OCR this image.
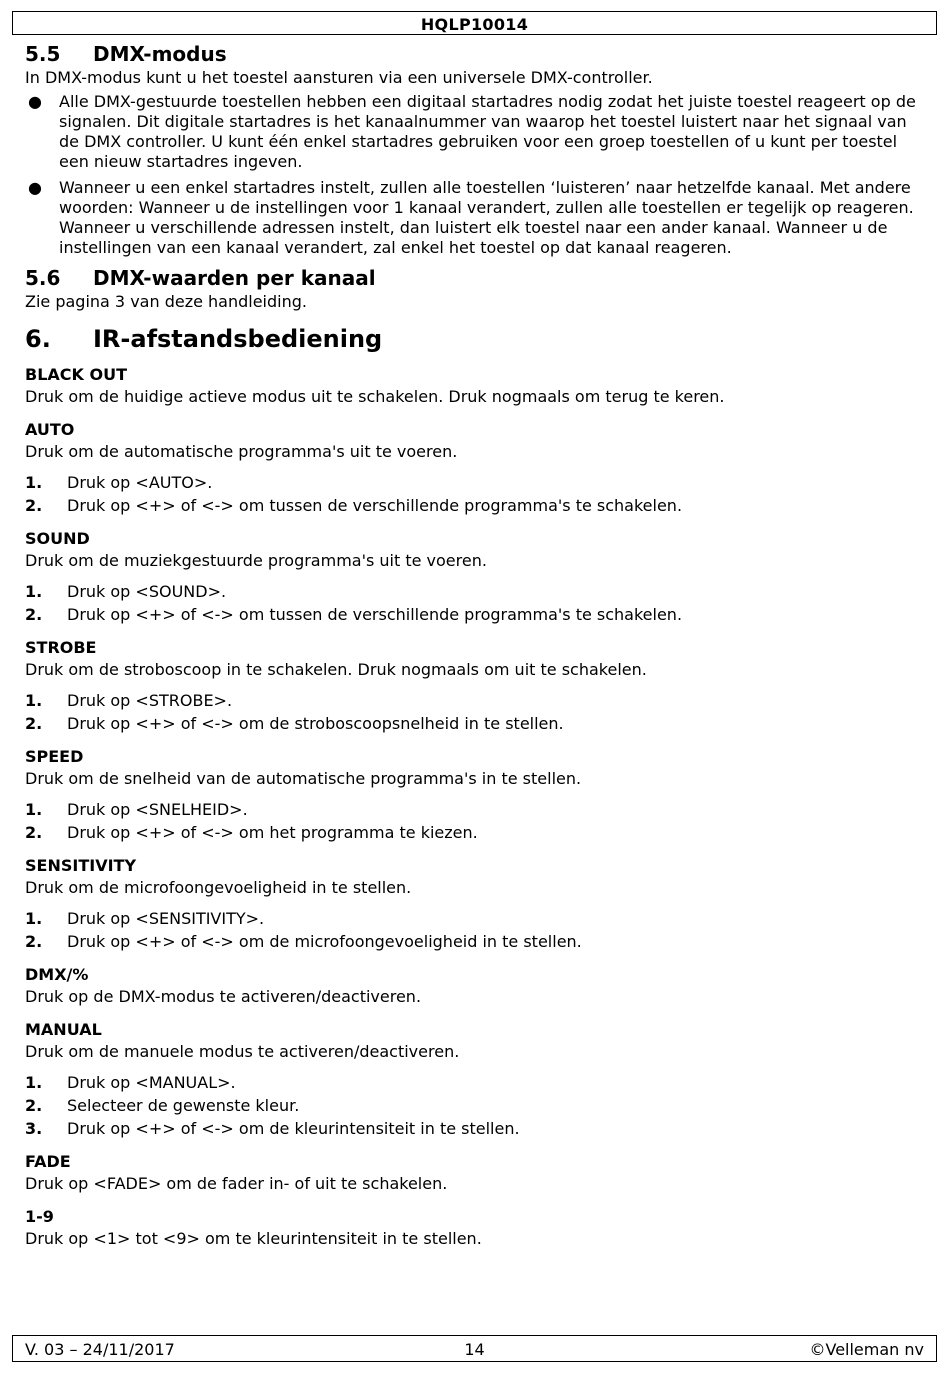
HQLP10014
5.5	DMX-modus

In DMX-modus kunt u het toestel aansturen via een universele DMX-controller.

● Alle DMX-gestuurde toestellen hebben een digitaal startadres nodig zodat het juiste toestel reageert op de signalen. Dit digitale startadres is het kanaalnummer van waarop het toestel luistert naar het signaal van de DMX controller. U kunt één enkel startadres gebruiken voor een groep toestellen of u kunt per toestel een nieuw startadres ingeven.
● Wanneer u een enkel startadres instelt, zullen alle toestellen ‘luisteren’ naar hetzelfde kanaal. Met andere woorden: Wanneer u de instellingen voor 1 kanaal verandert, zullen alle toestellen er tegelijk op reageren. Wanneer u verschillende adressen instelt, dan luistert elk toestel naar een ander kanaal. Wanneer u de instellingen van een kanaal verandert, zal enkel het toestel op dat kanaal reageren.
5.6	DMX-waarden per kanaal

Zie pagina 3 van deze handleiding.

6.	IR-afstandsbediening

BLACK OUT

Druk om de huidige actieve modus uit te schakelen. Druk nogmaals om terug te keren.

AUTO

Druk om de automatische programma's uit te voeren.

1.	Druk op <AUTO>.
2.	Druk op <+> of <-> om tussen de verschillende programma's te schakelen.

SOUND

Druk om de muziekgestuurde programma's uit te voeren.

1.	Druk op <SOUND>.
2.	Druk op <+> of <-> om tussen de verschillende programma's te schakelen.

STROBE

Druk om de stroboscoop in te schakelen. Druk nogmaals om uit te schakelen.

1.	Druk op <STROBE>.
2.	Druk op <+> of <-> om de stroboscoopsnelheid in te stellen.

SPEED

Druk om de snelheid van de automatische programma's in te stellen.

1.	Druk op <SNELHEID>.
2.	Druk op <+> of <-> om het programma te kiezen.

SENSITIVITY

Druk om de microfoongevoeligheid in te stellen.

1.	Druk op <SENSITIVITY>.
2.	Druk op <+> of <-> om de microfoongevoeligheid in te stellen.

DMX/%

Druk op de DMX-modus te activeren/deactiveren.

MANUAL

Druk om de manuele modus te activeren/deactiveren.

1.	Druk op <MANUAL>.
2.	Selecteer de gewenste kleur.
3.	Druk op <+> of <-> om de kleurintensiteit in te stellen.

FADE

Druk op <FADE> om de fader in- of uit te schakelen.

1-9

Druk op <1> tot <9> om te kleurintensiteit in te stellen.

V. 03 – 24/11/2017	14	©Velleman nv
